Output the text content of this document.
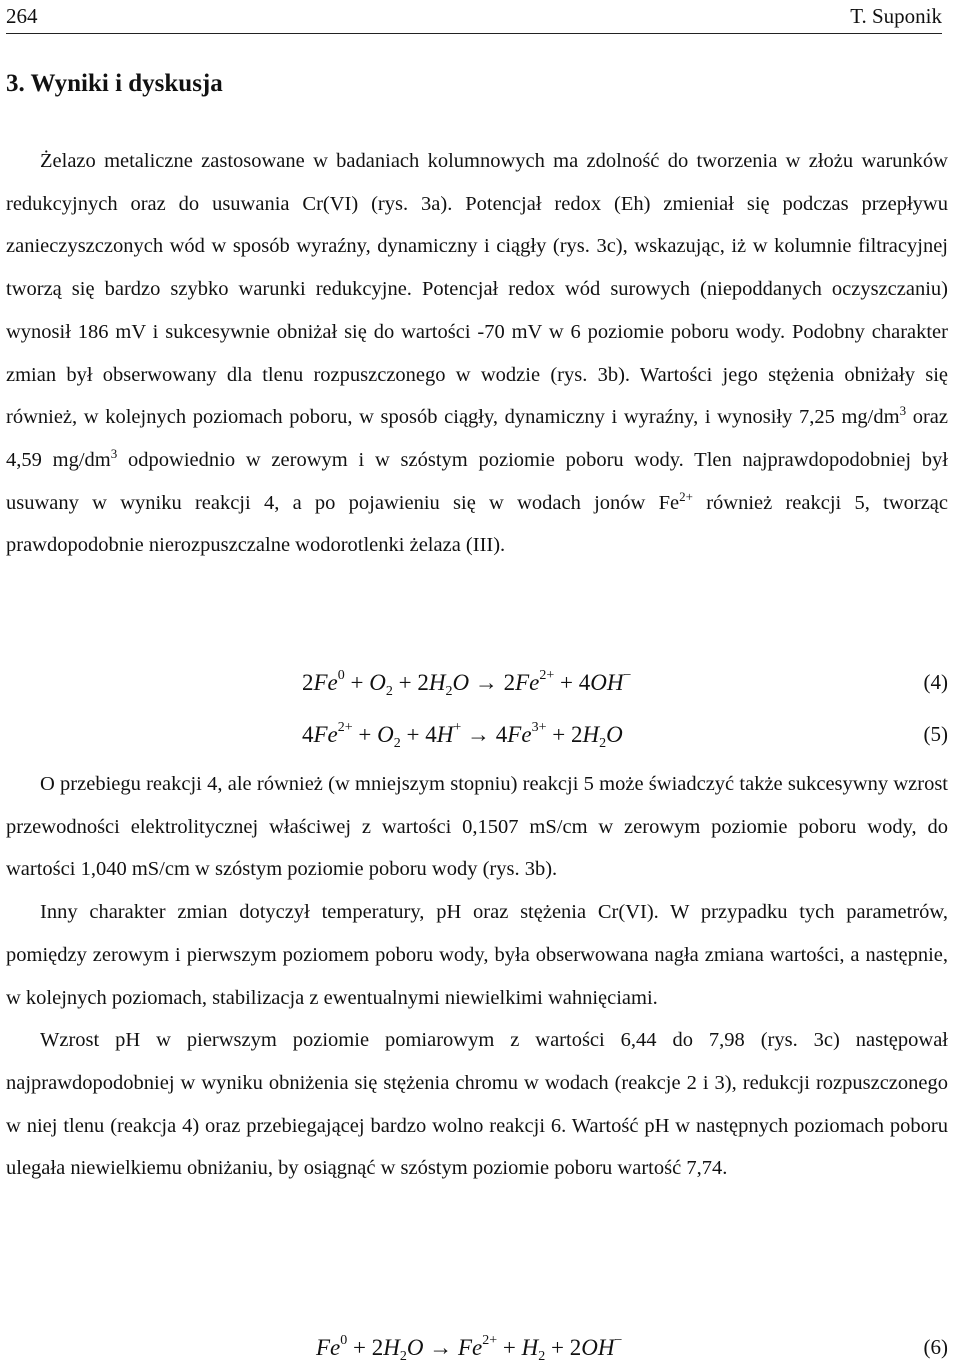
264	T. Suponik
3. Wyniki i dyskusja

Żelazo metaliczne zastosowane w badaniach kolumnowych ma zdolność do tworzenia w złożu warunków redukcyjnych oraz do usuwania Cr(VI) (rys. 3a). Potencjał redox (Eh) zmieniał się podczas przepływu zanieczyszczonych wód w sposób wyraźny, dynamiczny i ciągły (rys. 3c), wskazując, iż w kolumnie filtracyjnej tworzą się bardzo szybko warunki redukcyjne. Potencjał redox wód surowych (niepoddanych oczyszczaniu) wynosił 186 mV i sukcesywnie obniżał się do wartości -70 mV w 6 poziomie poboru wody. Podobny charakter zmian był obserwowany dla tlenu rozpuszczonego w wodzie (rys. 3b). Wartości jego stężenia obniżały się również, w kolejnych poziomach poboru, w sposób ciągły, dynamiczny i wyraźny, i wynosiły 7,25 $mg/dm^3$ oraz 4,59 $mg/dm^3$ odpowiednio w zerowym i w szóstym poziomie poboru wody. Tlen najprawdopodobniej był usuwany w wyniku reakcji 4, a po pojawieniu się w wodach jonów $Fe^{2+}$ również reakcji 5, tworząc prawdopodobnie nierozpuszczalne wodorotlenki żelaza (III).

$2Fe^0 + O_2 + 2H_2O \to 2Fe^{2+} + 4OH^-$	(4)
$4Fe^{2+} + O_2 + 4H^+ \to 4Fe^{3+} + 2H_2O$	(5)

O przebiegu reakcji 4, ale również (w mniejszym stopniu) reakcji 5 może świadczyć także sukcesywny wzrost przewodności elektrolitycznej właściwej z wartości 0,1507 mS/cm w zerowym poziomie poboru wody, do wartości 1,040 mS/cm w szóstym poziomie poboru wody (rys. 3b).

Inny charakter zmian dotyczył temperatury, pH oraz stężenia Cr(VI). W przypadku tych parametrów, pomiędzy zerowym i pierwszym poziomem poboru wody, była obserwowana nagła zmiana wartości, a następnie, w kolejnych poziomach, stabilizacja z ewentualnymi niewielkimi wahnięciami.

Wzrost pH w pierwszym poziomie pomiarowym z wartości 6,44 do 7,98 (rys. 3c) następował najprawdopodobniej w wyniku obniżenia się stężenia chromu w wodach (reakcje 2 i 3), redukcji rozpuszczonego w niej tlenu (reakcja 4) oraz przebiegającej bardzo wolno reakcji 6. Wartość pH w następnych poziomach poboru ulegała niewielkiemu obniżaniu, by osiągnąć w szóstym poziomie poboru wartość 7,74.

$Fe^0 + 2H_2O \to Fe^{2+} + H_2 + 2OH^-$	(6)
